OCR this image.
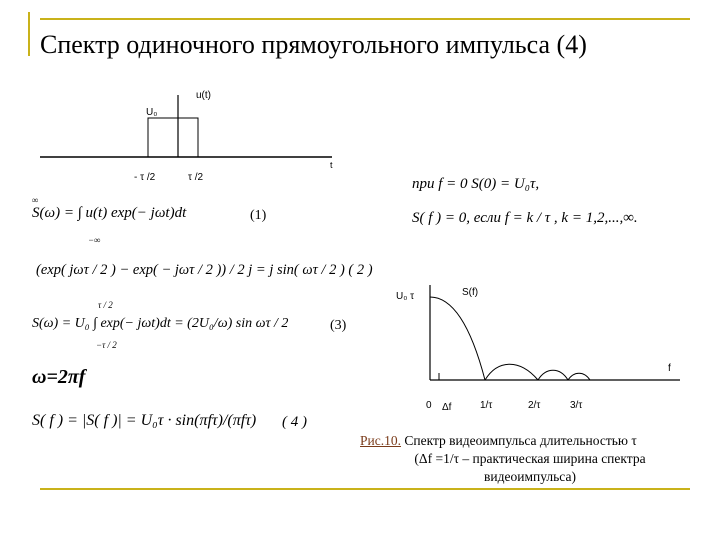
Спектр одиночного прямоугольного импульса (4)
u(t)
U₀
t
- τ /2	τ /2
∞
S(ω) = ∫ u(t) exp(− jωt)dt
−∞
(1)
при f = 0 S(0) = U₀τ,
S( f ) = 0, если f = k / τ , k = 1,2,...,∞.
(exp( jωτ / 2 ) − exp( − jωτ / 2 )) / 2 j = j sin( ωτ / 2 ) ( 2 )
τ / 2
S(ω) = U₀ ∫ exp(− jωt)dt = (2U₀/ω) sin ωτ / 2
−τ / 2
(3)
ω=2πf
S( f ) = |S( f )| = U₀τ · sin(πfτ)/(πfτ) ( 4 )
S(f)
U₀ τ
f
0 Δf	1/τ	2/τ	3/τ
Рис.10. Спектр видеоимпульса длительностью τ
(Δf =1/τ – практическая ширина спектра
видеоимпульса)
